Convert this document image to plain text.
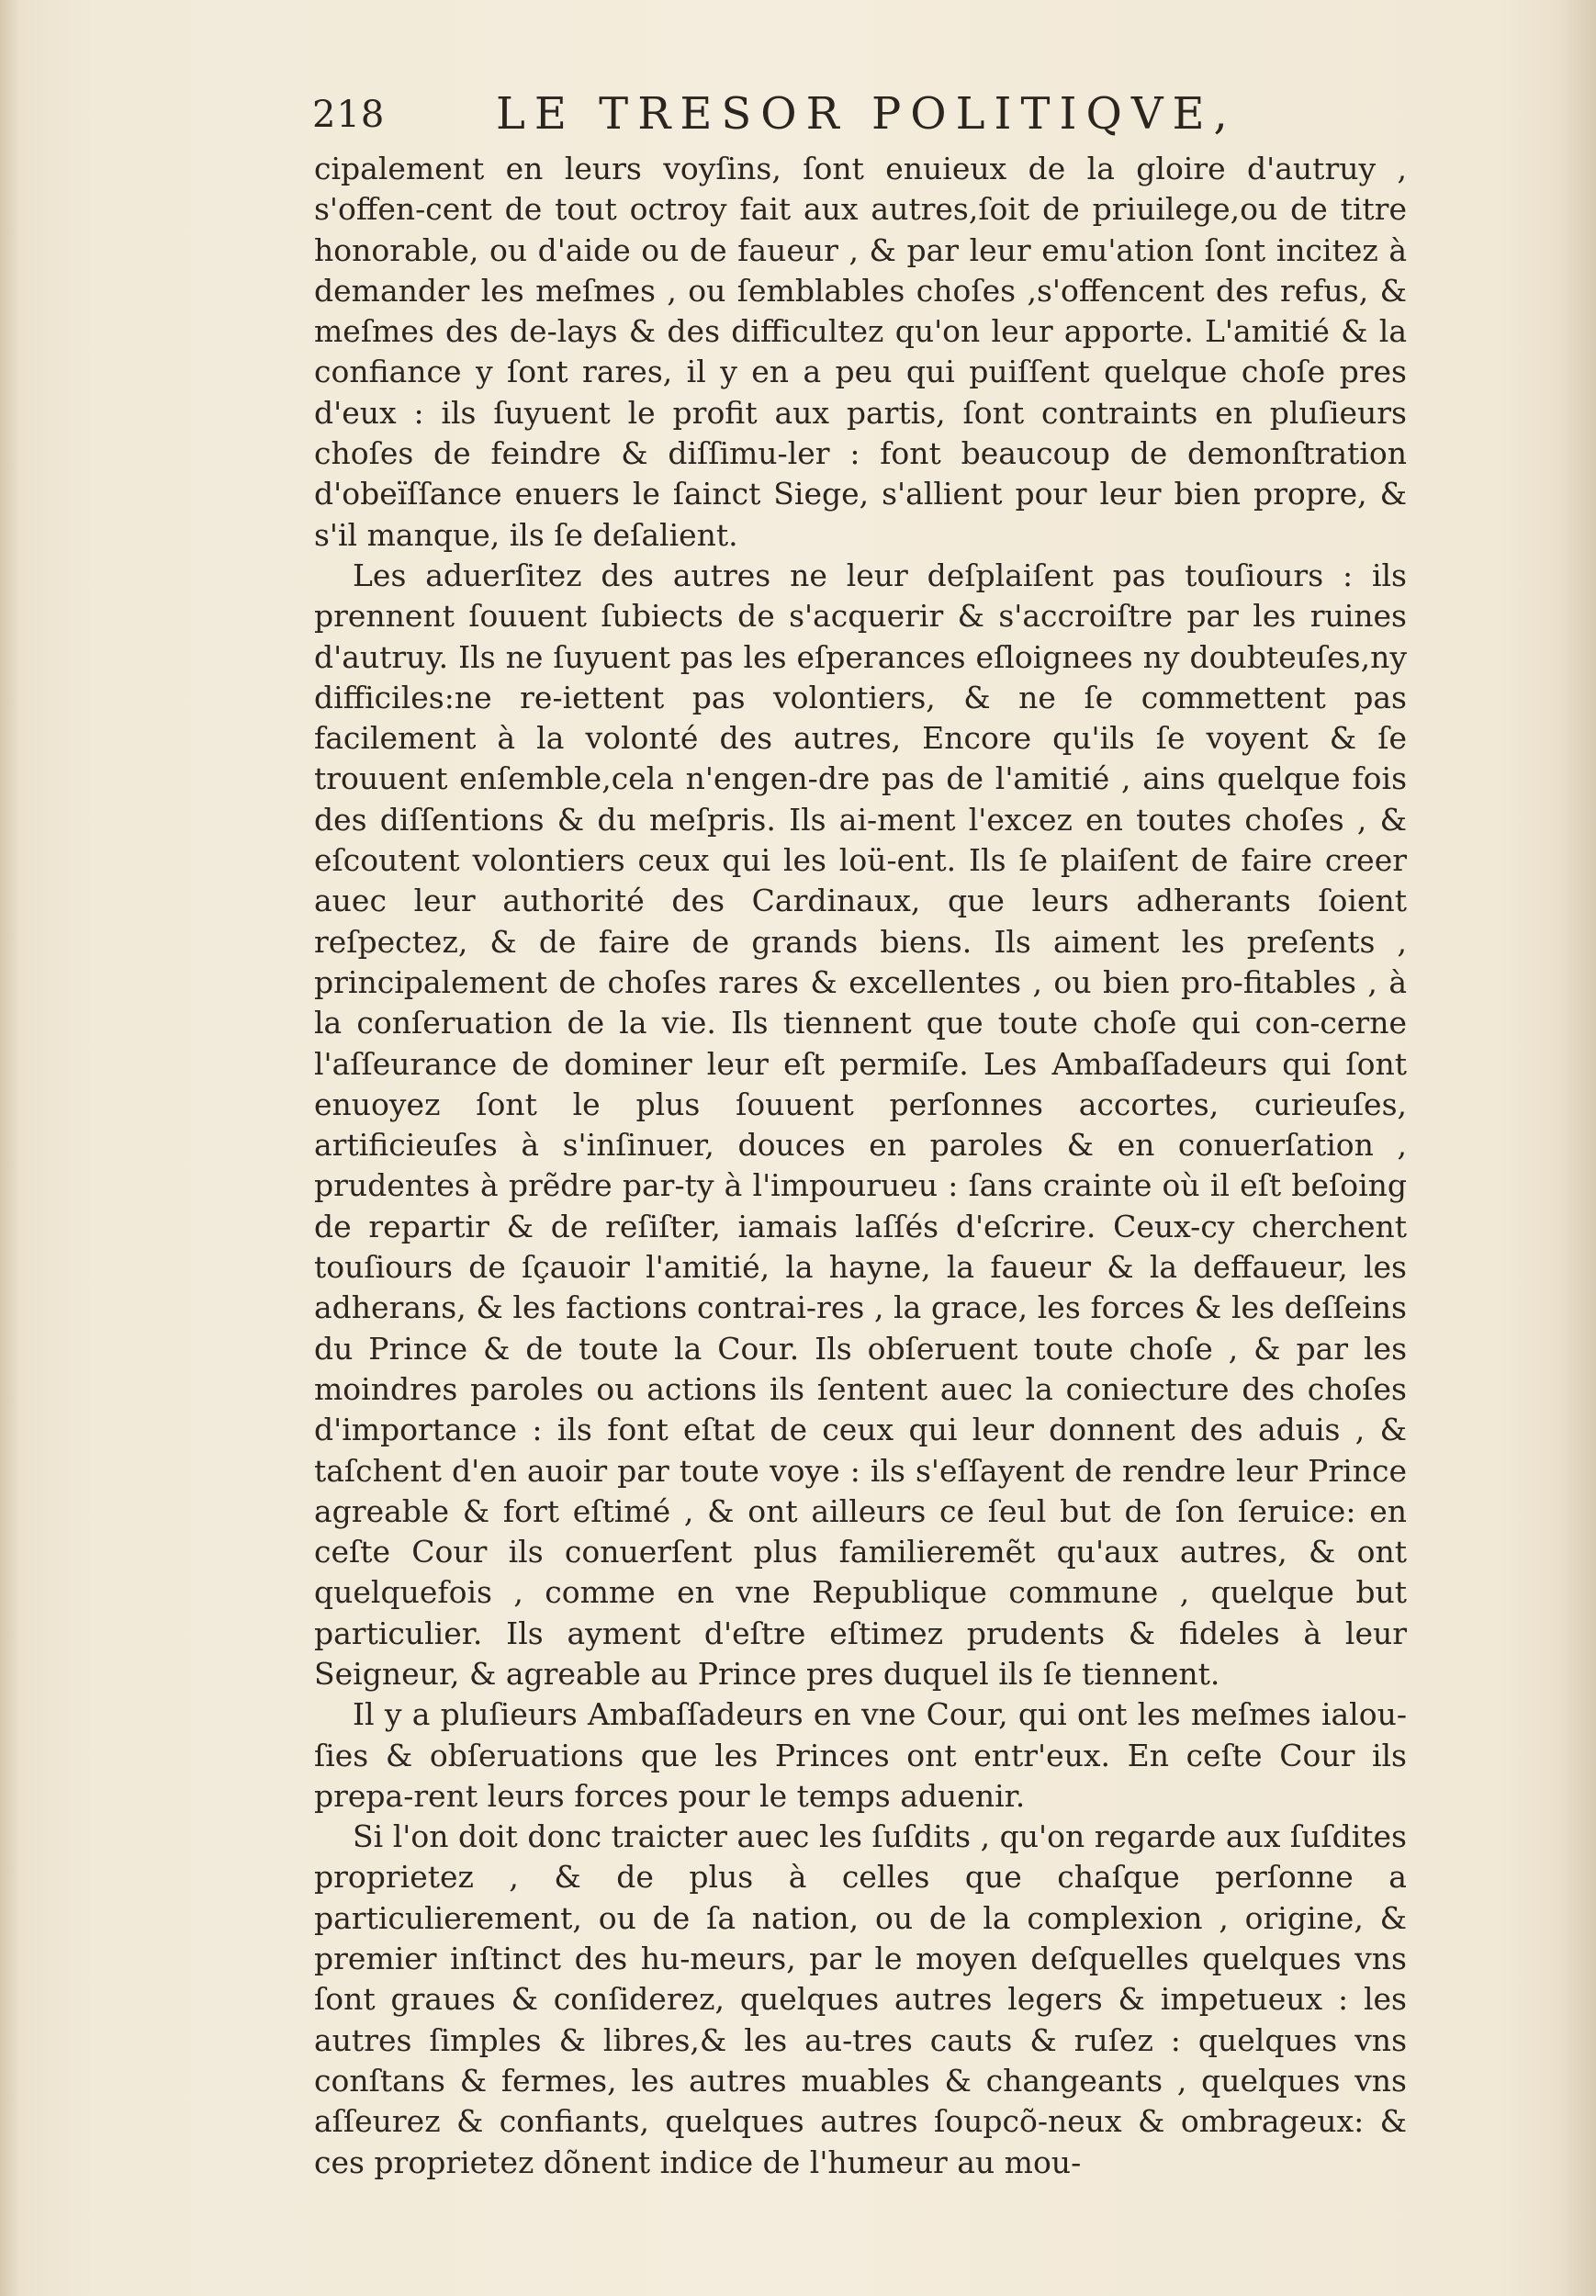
218	LE TRESOR POLITIQVE,

cipalement en leurs voyſins, ſont enuieux de la gloire d'autruy , s'offen-cent de tout octroy fait aux autres,ſoit de priuilege,ou de titre honorable, ou d'aide ou de faueur , & par leur emu'ation ſont incitez à demander les meſmes , ou ſemblables choſes ,s'offencent des refus, & meſmes des de-lays & des difficultez qu'on leur apporte. L'amitié & la confiance y ſont rares, il y en a peu qui puiſſent quelque choſe pres d'eux : ils ſuyuent le profit aux partis, ſont contraints en pluſieurs choſes de feindre & diſſimu-ler : font beaucoup de demonſtration d'obeïſſance enuers le ſainct Siege, s'allient pour leur bien propre, & s'il manque, ils ſe deſalient.

Les aduerſitez des autres ne leur deſplaiſent pas touſiours : ils prennent ſouuent ſubiects de s'acquerir & s'accroiſtre par les ruines d'autruy. Ils ne ſuyuent pas les eſperances eſloignees ny doubteuſes,ny difficiles:ne re-iettent pas volontiers, & ne ſe commettent pas facilement à la volonté des autres, Encore qu'ils ſe voyent & ſe trouuent enſemble,cela n'engen-dre pas de l'amitié , ains quelque fois des diſſentions & du meſpris. Ils ai-ment l'excez en toutes choſes , & eſcoutent volontiers ceux qui les loü-ent. Ils ſe plaiſent de faire creer auec leur authorité des Cardinaux, que leurs adherants ſoient reſpectez, & de faire de grands biens. Ils aiment les preſents , principalement de choſes rares & excellentes , ou bien pro-fitables , à la conſeruation de la vie. Ils tiennent que toute choſe qui con-cerne l'aſſeurance de dominer leur eſt permiſe. Les Ambaſſadeurs qui ſont enuoyez ſont le plus ſouuent perſonnes accortes, curieuſes, artificieuſes à s'inſinuer, douces en paroles & en conuerſation , prudentes à prẽdre par-ty à l'impourueu : ſans crainte où il eſt beſoing de repartir & de reſiſter, iamais laſſés d'eſcrire. Ceux-cy cherchent touſiours de ſçauoir l'amitié, la hayne, la faueur & la deffaueur, les adherans, & les factions contrai-res , la grace, les forces & les deſſeins du Prince & de toute la Cour. Ils obſeruent toute choſe , & par les moindres paroles ou actions ils ſentent auec la coniecture des choſes d'importance : ils font eſtat de ceux qui leur donnent des aduis , & taſchent d'en auoir par toute voye : ils s'eſſayent de rendre leur Prince agreable & fort eſtimé , & ont ailleurs ce ſeul but de ſon ſeruice: en ceſte Cour ils conuerſent plus familieremẽt qu'aux autres, & ont quelquefois , comme en vne Republique commune , quelque but particulier. Ils ayment d'eſtre eſtimez prudents & fideles à leur Seigneur, & agreable au Prince pres duquel ils ſe tiennent.

Il y a pluſieurs Ambaſſadeurs en vne Cour, qui ont les meſmes ialou-ſies & obſeruations que les Princes ont entr'eux. En ceſte Cour ils prepa-rent leurs forces pour le temps aduenir.

Si l'on doit donc traicter auec les ſuſdits , qu'on regarde aux ſuſdites proprietez , & de plus à celles que chaſque perſonne a particulierement, ou de ſa nation, ou de la complexion , origine, & premier inſtinct des hu-meurs, par le moyen deſquelles quelques vns ſont graues & conſiderez, quelques autres legers & impetueux : les autres ſimples & libres,& les au-tres cauts & ruſez : quelques vns conſtans & fermes, les autres muables & changeants , quelques vns aſſeurez & confiants, quelques autres ſoupcõ-neux & ombrageux: & ces proprietez dõnent indice de l'humeur au mou-
